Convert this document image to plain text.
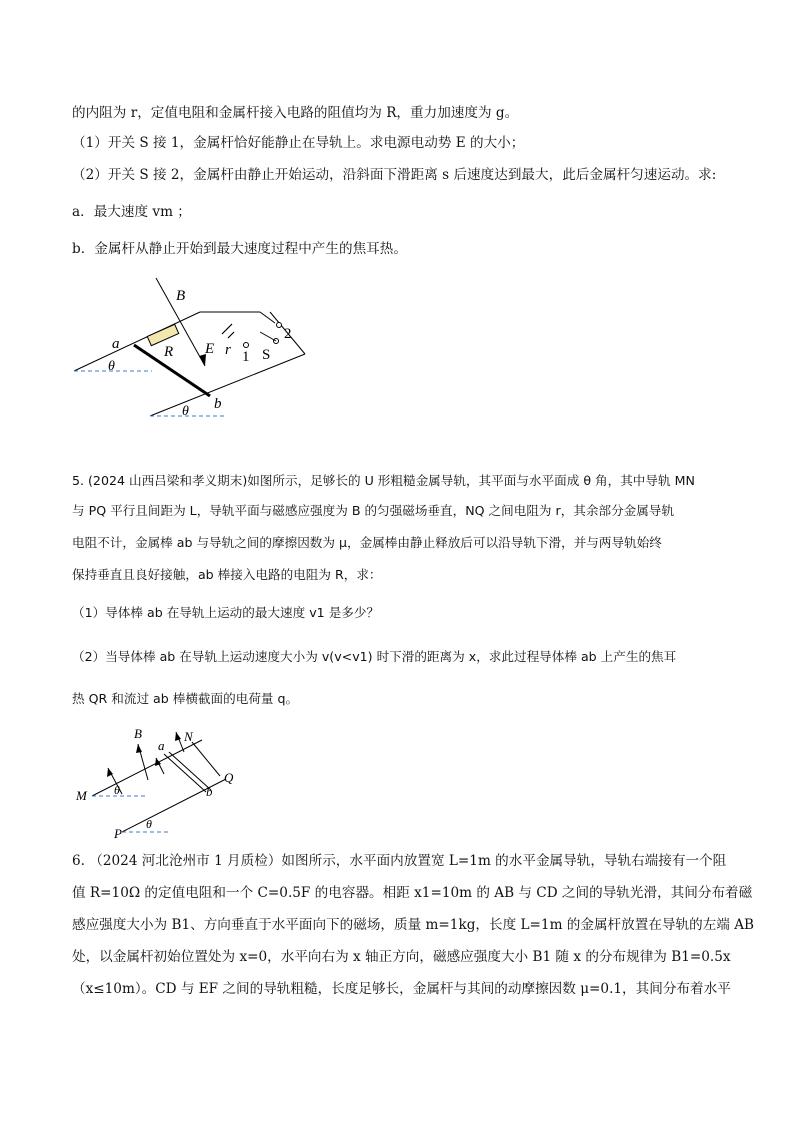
的内阻为 r，定值电阻和金属杆接入电路的阻值均为 R，重力加速度为 g。
（1）开关 S 接 1，金属杆恰好能静止在导轨上。求电源电动势 E 的大小；
（2）开关 S 接 2，金属杆由静止开始运动，沿斜面下滑距离 s 后速度达到最大，此后金属杆匀速运动。求:
a．最大速度 vm ；
b．金属杆从静止开始到最大速度过程中产生的焦耳热。
B
a	R E r
2
1 S
θ
b
θ
5. (2024 山西吕梁和孝义期末)如图所示，足够长的 U 形粗糙金属导轨，其平面与水平面成 θ 角，其中导轨 MN
与 PQ 平行且间距为 L，导轨平面与磁感应强度为 B 的匀强磁场垂直，NQ 之间电阻为 r，其余部分金属导轨
电阻不计，金属棒 ab 与导轨之间的摩擦因数为 μ，金属棒由静止释放后可以沿导轨下滑，并与两导轨始终
保持垂直且良好接触，ab 棒接入电路的电阻为 R，求：
（1）导体棒 ab 在导轨上运动的最大速度 v1 是多少？
（2）当导体棒 ab 在导轨上运动速度大小为 v(v<v1) 时下滑的距离为 x，求此过程导体棒 ab 上产生的焦耳
热 QR 和流过 ab 棒横截面的电荷量 q。
B
a
N
Q
M θ	b
P
θ
6. （2024 河北沧州市 1 月质检）如图所示，水平面内放置宽 L=1m 的水平金属导轨，导轨右端接有一个阻
值 R=10Ω 的定值电阻和一个 C=0.5F 的电容器。相距 x1=10m 的 AB 与 CD 之间的导轨光滑，其间分布着磁
感应强度大小为 B1、方向垂直于水平面向下的磁场，质量 m=1kg，长度 L=1m 的金属杆放置在导轨的左端 AB
处，以金属杆初始位置处为 x=0，水平向右为 x 轴正方向，磁感应强度大小 B1 随 x 的分布规律为 B1=0.5x
（x≤10m）。CD 与 EF 之间的导轨粗糙，长度足够长，金属杆与其间的动摩擦因数 μ=0.1，其间分布着水平
